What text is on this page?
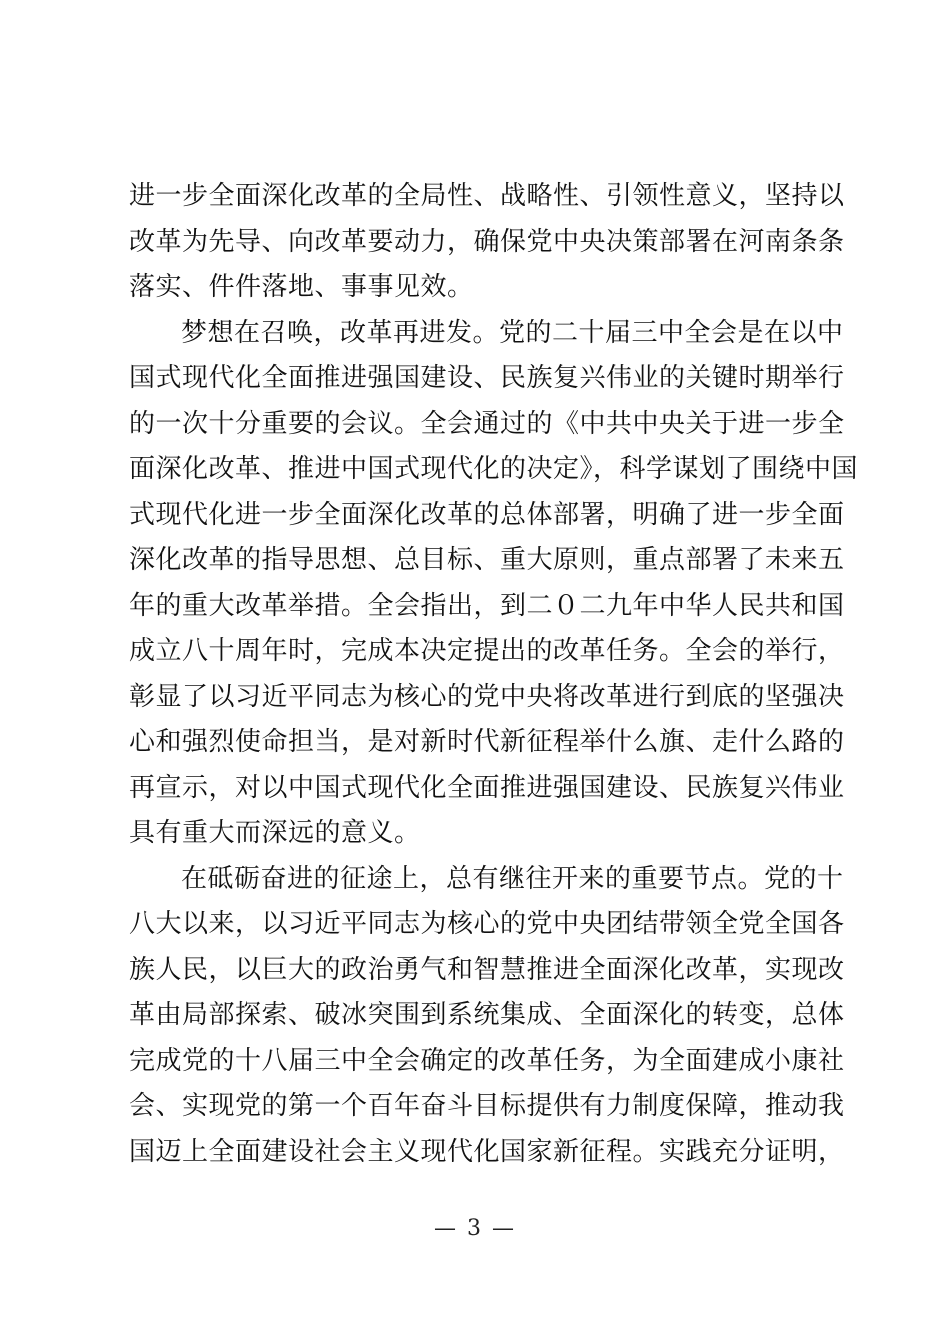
进一步全面深化改革的全局性、战略性、引领性意义，坚持以
改革为先导、向改革要动力，确保党中央决策部署在河南条条
落实、件件落地、事事见效。
梦想在召唤，改革再进发。党的二十届三中全会是在以中
国式现代化全面推进强国建设、民族复兴伟业的关键时期举行
的一次十分重要的会议。全会通过的《中共中央关于进一步全
面深化改革、推进中国式现代化的决定》，科学谋划了围绕中国
式现代化进一步全面深化改革的总体部署，明确了进一步全面
深化改革的指导思想、总目标、重大原则，重点部署了未来五
年的重大改革举措。全会指出，到二０二九年中华人民共和国
成立八十周年时，完成本决定提出的改革任务。全会的举行，
彰显了以习近平同志为核心的党中央将改革进行到底的坚强决
心和强烈使命担当，是对新时代新征程举什么旗、走什么路的
再宣示，对以中国式现代化全面推进强国建设、民族复兴伟业
具有重大而深远的意义。
在砥砺奋进的征途上，总有继往开来的重要节点。党的十
八大以来，以习近平同志为核心的党中央团结带领全党全国各
族人民，以巨大的政治勇气和智慧推进全面深化改革，实现改
革由局部探索、破冰突围到系统集成、全面深化的转变，总体
完成党的十八届三中全会确定的改革任务，为全面建成小康社
会、实现党的第一个百年奋斗目标提供有力制度保障，推动我
国迈上全面建设社会主义现代化国家新征程。实践充分证明，
— 3 —
